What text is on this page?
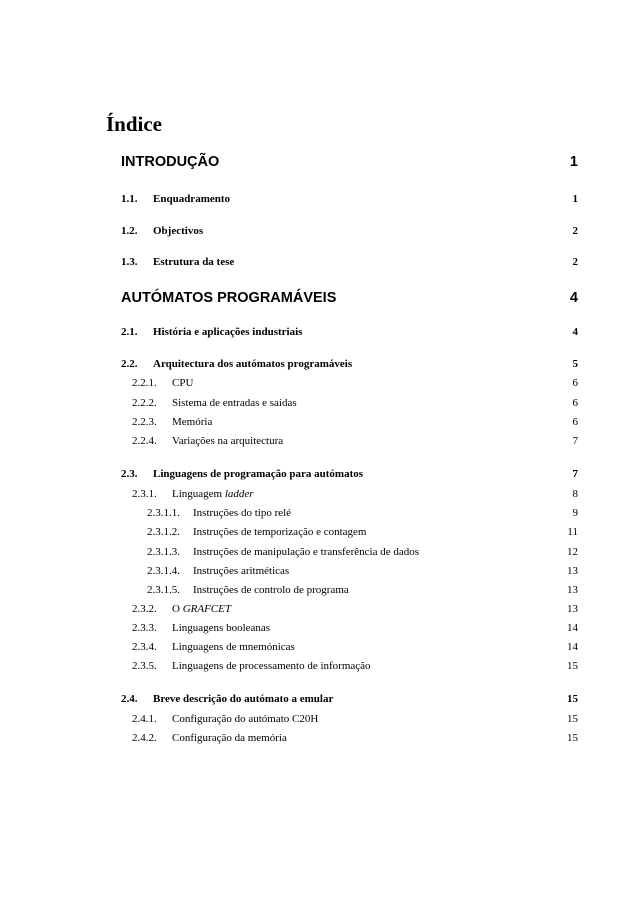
Índice
INTRODUÇÃO	1
1.1. Enquadramento	1
1.2. Objectivos	2
1.3. Estrutura da tese	2
AUTÓMATOS PROGRAMÁVEIS	4
2.1. História e aplicações industriais	4
2.2. Arquitectura dos autómatos programáveis	5
2.2.1. CPU	6
2.2.2. Sistema de entradas e saídas	6
2.2.3. Memória	6
2.2.4. Variações na arquitectura	7
2.3. Linguagens de programação para autómatos	7
2.3.1. Linguagem ladder	8
2.3.1.1. Instruções do tipo relé	9
2.3.1.2. Instruções de temporização e contagem	11
2.3.1.3. Instruções de manipulação e transferência de dados	12
2.3.1.4. Instruções aritméticas	13
2.3.1.5. Instruções de controlo de programa	13
2.3.2. O GRAFCET	13
2.3.3. Linguagens booleanas	14
2.3.4. Linguagens de mnemónicas	14
2.3.5. Linguagens de processamento de informação	15
2.4. Breve descrição do autómato a emular	15
2.4.1. Configuração do autómato C20H	15
2.4.2. Configuração da memória	15
